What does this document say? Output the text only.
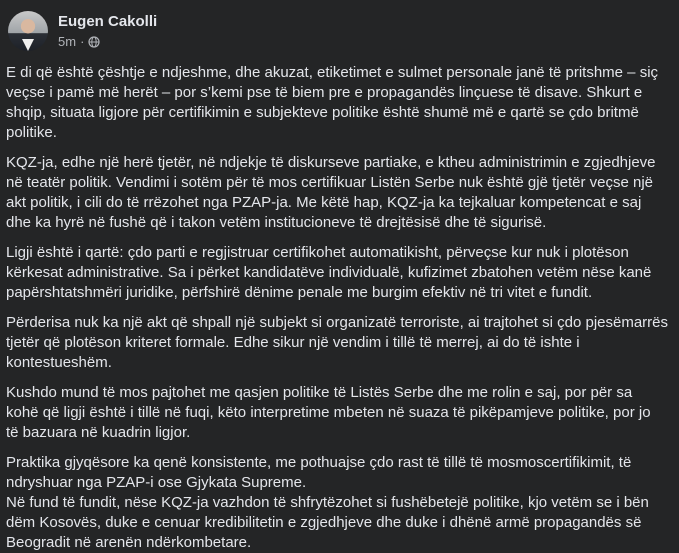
Eugen Cakolli
5m ·

E di që është çështje e ndjeshme, dhe akuzat, etiketimet e sulmet personale janë të pritshme – siç
veçse i pamë më herët – por s’kemi pse të biem pre e propagandës linçuese të disave. Shkurt e
shqip, situata ligjore për certifikimin e subjekteve politike është shumë më e qartë se çdo britmë
politike.

KQZ-ja, edhe një herë tjetër, në ndjekje të diskurseve partiake, e ktheu administrimin e zgjedhjeve
në teatër politik. Vendimi i sotëm për të mos certifikuar Listën Serbe nuk është gjë tjetër veçse një
akt politik, i cili do të rrëzohet nga PZAP-ja. Me këtë hap, KQZ-ja ka tejkaluar kompetencat e saj
dhe ka hyrë në fushë që i takon vetëm institucioneve të drejtësisë dhe të sigurisë.

Ligji është i qartë: çdo parti e regjistruar certifikohet automatikisht, përveçse kur nuk i plotëson
kërkesat administrative. Sa i përket kandidatëve individualë, kufizimet zbatohen vetëm nëse kanë
papërshtatshmëri juridike, përfshirë dënime penale me burgim efektiv në tri vitet e fundit.

Përderisa nuk ka një akt që shpall një subjekt si organizatë terroriste, ai trajtohet si çdo pjesëmarrës
tjetër që plotëson kriteret formale. Edhe sikur një vendim i tillë të merrej, ai do të ishte i
kontestueshëm.

Kushdo mund të mos pajtohet me qasjen politike të Listës Serbe dhe me rolin e saj, por për sa
kohë që ligji është i tillë në fuqi, këto interpretime mbeten në suaza të pikëpamjeve politike, por jo
të bazuara në kuadrin ligjor.

Praktika gjyqësore ka qenë konsistente, me pothuajse çdo rast të tillë të mosmoscertifikimit, të
ndryshuar nga PZAP-i ose Gjykata Supreme.
Në fund të fundit, nëse KQZ-ja vazhdon të shfrytëzohet si fushëbetejë politike, kjo vetëm se i bën
dëm Kosovës, duke e cenuar kredibilitetin e zgjedhjeve dhe duke i dhënë armë propagandës së
Beogradit në arenën ndërkombetare.
